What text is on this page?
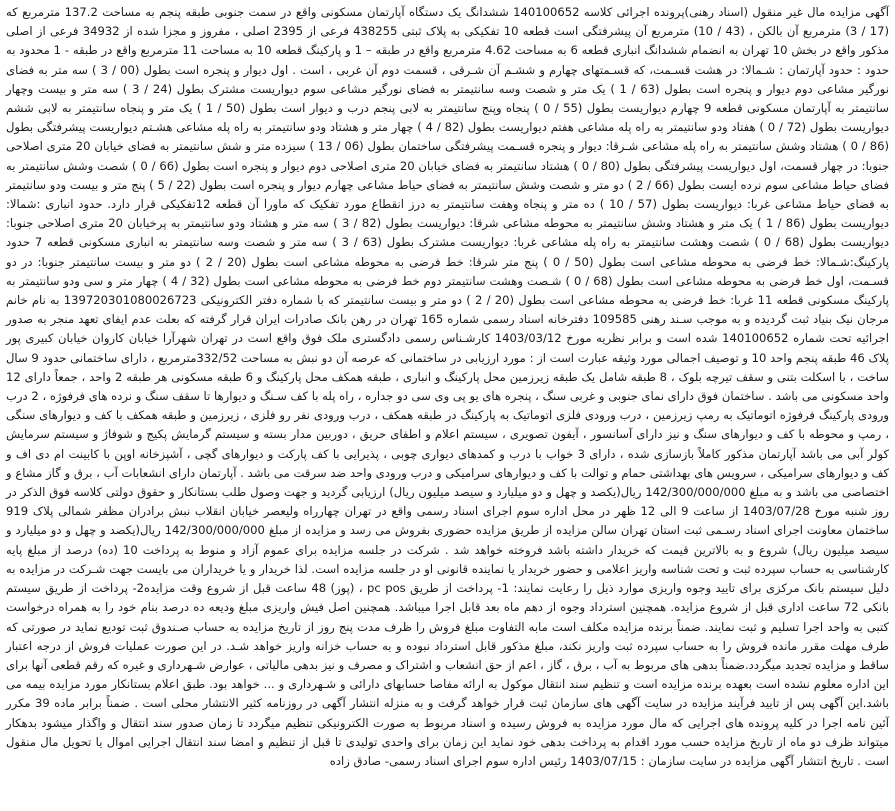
آگهی مزایده مال غیر منقول (اسناد رهنی)پرونده اجرائی کلاسه 140100652 ششدانگ یک دستگاه آپارتمان مسکونی واقع در سمت جنوبی طبقه پنجم به مساحت 137.2 مترمربع که (17 / 3) مترمربع آن بالکن ، (43 / 10) مترمربع آن پیشرفتگی است قطعه 10 تفکیکی به پلاک ثبتی 438255 فرعی از 2395 اصلی ، مفروز و مجزا شده از 34932 فرعی از اصلی مذکور واقع در بخش 10 تهران به انضمام ششدانگ انباری قطعه 6 به مساحت 4.62 مترمربع واقع در طبقه – 1 و پارکینگ قطعه 10 به مساحت 11 مترمربع واقع در طبقه - 1 محدود به حدود : حدود آپارتمان : شـمالا: در هشت قسـمت، که قسـمتهای چهارم و ششـم آن شـرقی ، قسمت دوم آن غربی ، است . اول دیوار و پنجره است بطول (00 / 3 ) سه متر به فضای نورگیر مشاعی دوم دیوار و پنجره است بطول (63 / 1 ) یک متر و شصت وسه سانتیمتر به فضای نورگیر مشاعی سوم دیواریست مشترک بطول (24 / 3 ) سه متر و بیست وچهار سانتیمتر به آپارتمان مسکونی قطعه 9 چهارم دیواریست بطول (55 / 0 ) پنجاه وپنج سانتیمتر به لابی پنجم درب و دیوار است بطول (50 / 1 ) یک متر و پنجاه سانتیمتر به لابی ششم دیواریست بطول (72 / 0 ) هفتاد ودو سانتیمتر به راه پله مشاعی هفتم دیواریست بطول (82 / 4 ) چهار متر و هشتاد ودو سانتیمتر به راه پله مشاعی هشـتم دیواریست پیشرفتگی بطول (86 / 0 ) هشتاد وشش سانتیمتر به راه پله مشاعی شـرقا: دیوار و پنجره قسـمت پیشرفتگی ساختمان بطول (06 / 13 ) سیزده متر و شش سانتیمتر به فضای خیابان 20 متری اصلاحی جنوبا: در چهار قسمت، اول دیواریست پیشرفتگی بطول (80 / 0 ) هشتاد سانتیمتر به فضای خیابان 20 متری اصلاحی دوم دیوار و پنجره است بطول (66 / 0 ) شصت وشش سانتیمتر به فضای حیاط مشاعی سوم نرده ایست بطول (66 / 2 ) دو متر و شصت وشش سانتیمتر به فضای حیاط مشاعی چهارم دیوار و پنجره است بطول (22 / 5 ) پنج متر و بیست ودو سانتیمتر به فضای حیاط مشاعی غربا: دیواریست بطول (57 / 10 ) ده متر و پنجاه وهفت سانتیمتر به درز انقطاع مورد تفکیک که ماورا آن قطعه 12تفکیکی قرار دارد. حدود انباری :شمالا: دیواریست بطول (86 / 1 ) یک متر و هشتاد وشش سانتیمتر به محوطه مشاعی شرقا: دیواریست بطول (82 / 3 ) سه متر و هشتاد ودو سانتیمتر به پرخیابان 20 متری اصلاحی جنوبا: دیواریست بطول (68 / 0 ) شصت وهشت سانتیمتر به راه پله مشاعی غربا: دیواریست مشترک بطول (63 / 3 ) سه متر و شصت وسه سانتیمتر به انباری مسکونی قطعه 7 حدود پارکینگ:شـمالا: خط فرضی به محوطه مشاعی است بطول (50 / 0 ) پنج متر شرقا: خط فرضی به محوطه مشاعی است بطول (20 / 2 ) دو متر و بیست سانتیمتر جنوبا: در دو قسـمت، اول خط فرضی به محوطه مشاعی است بطول (68 / 0 ) شـصت وهشت سانتیمتر دوم خط فرضی به محوطه مشاعی است بطول (32 / 4 ) چهار متر و سی ودو سانتیمتر به پارکینگ مسکونی قطعه 11 غربا: خط فرضی به محوطه مشاعی است بطول (20 / 2 ) دو متر و بیست سانتیمتر که با شماره دفتر الکترونیکی 139720301080026723 به نام خانم مرجان نیک بنیاد ثبت گردیده و به موجب سـند رهنی 109585 دفترخانه اسناد رسمی شماره 165 تهران در رهن بانک صادرات ایران قرار گرفته که بعلت عدم ایفای تعهد منجر به صدور اجرائیه تحت شماره 140100652 شده است و برابر نظریه مورخ 1403/03/12 کارشـناس رسمی دادگستری ملک فوق واقع است در تهران شهرآرا خیابان کاروان خیابان کبیری پور پلاک 46 طبقه پنجم واحد 10 و توصیف اجمالی مورد وثیقه عبارت است از : مورد ارزیابی در ساختمانی که عرصه آن دو نبش به مساحت 332/52مترمربع ، دارای ساختمانی حدود 9 سال ساخت ، با اسکلت بتنی و سقف تیرچه بلوک ، 8 طبقه شامل یک طبقه زیرزمین محل پارکینگ و انباری ، طبقه همکف محل پارکینگ و 6 طبقه مسکونی هر طبقه 2 واحد ، جمعاً دارای 12 واحد مسکونی می باشد . ساختمان فوق دارای نمای جنوبی و غربی سنگ ، پنجره های یو پی وی سی دو جداره ، راه پله با کف سـنگ و دیوارها تا سقف سنگ و نرده های فرفوژه ، 2 درب ورودی پارکینگ فرفوژه اتوماتیک به رمپ زیرزمین ، درب ورودی فلزی اتوماتیک به پارکینگ در طبقه همکف ، درب ورودی نفر رو فلزی ، زیرزمین و طبقه همکف با کف و دیوارهای سنگی ، رمپ و محوطه با کف و دیوارهای سنگ و نیز دارای آسانسور ، آیفون تصویری ، سیستم اعلام و اطفای حریق ، دوربین مدار بسته و سیستم گرمایش پکیج و شوفاژ و سیستم سرمایش کولر آبی می باشد آپارتمان مذکور کاملاً بازسازی شده ، دارای 3 خواب با درب و کمدهای دیواری چوبی ، پذیرایی با کف پارکت و دیوارهای گچی ، آشپزخانه اوپن با کابینت ام دی اف و کف و دیوارهای سرامیکی ، سرویس های بهداشتی حمام و توالت با کف و دیوارهای سرامیکی و درب ورودی واحد ضد سرقت می باشد . آپارتمان دارای انشعابات آب ، برق و گاز مشاع و اختصاصی می باشد و به مبلغ 142/300/000/000 ریال(یکصد و چهل و دو میلیارد و سیصد میلیون ریال) ارزیابی گردید و جهت وصول طلب بستانکار و حقوق دولتی کلاسه فوق الذکر در روز شنبه مورخ 1403/07/28 از ساعت 9 الی 12 ظهر در محل اداره سوم اجرای اسناد رسمی واقع در تهران چهارراه ولیعصر خیابان انقلاب نبش برادران مظفر شمالی پلاک 919 ساختمان معاونت اجرای اسناد رسـمی ثبت استان تهران سالن مزایده از طریق مزایده حضوری بفروش می رسد و مزایده از مبلغ 142/300/000/000 ریال(یکصد و چهل و دو میلیارد و سیصد میلیون ریال) شروع و به بالاترین قیمت که خریدار داشته باشد فروخته خواهد شد . شرکت در جلسه مزایده برای عموم آزاد و منوط به پرداخت 10 (ده) درصد از مبلغ پایه کارشناسی به حساب سپرده ثبت و تحت شناسه واریز اعلامی و حضور خریدار یا نماینده قانونی او در جلسه مزایده است. لذا خریدار و یا خریداران می بایست جهت شـرکت در مزایده به دلیل سیستم بانک مرکزی برای تایید وجوه واریزی موارد ذیل را رعایت نمایند: 1- پرداخت از طریق pc pos ، (پوز) 48 ساعت قبل از شروع وقت مزایده2- پرداخت از طریق سیستم بانکی 72 ساعت اداری قبل از شروع مزایده. همچنین استرداد وجوه از دهم ماه بعد قابل اجرا میباشد. همچنین اصل فیش واریزی مبلغ ودیعه ده درصد بنام خود را به همراه درخواست کتبی به واحد اجرا تسلیم و ثبت نمایند. ضمناً برنده مزایده مکلف است مابه التفاوت مبلغ فروش را ظرف مدت پنج روز از تاریخ مزایده به حساب صـندوق ثبت تودیع نماید در صورتی که طرف مهلت مقرر مانده فروش را به حساب سپرده ثبت واریز نکند، مبلغ مذکور قابل استرداد نبوده و به حساب خزانه واریز خواهد شـد. در این صورت عملیات فروش از درجه اعتبار ساقط و مزایده تجدید میگردد.ضمناً بدهی های مربوط به آب ، برق ، گاز ، اعم از حق انشعاب و اشتراک و مصرف و نیز بدهی مالیاتی ، عوارض شـهرداری و غیره که رقم قطعی آنها برای این اداره معلوم نشده است بعهده برنده مزایده است و تنظیم سند انتقال موکول به ارائه مفاصا حسابهای دارائی و شـهرداری و ... خواهد بود. طبق اعلام بستانکار مورد مزایده بیمه می باشد.این آگهی پس از تایید فرآیند مزایده در سایت آگهی های سازمان ثبت قرار خواهد گرفت و به منزله انتشار آگهی در روزنامه کثیر الانتشار محلی است . ضمناً برابر ماده 39 مکرر آئین نامه اجرا در کلیه پرونده های اجرایی که مال مورد مزایده به فروش رسیده و اسناد مربوط به صورت الکترونیکی تنظیم میگردد تا زمان صدور سند انتقال و واگذار میشود بدهکار میتواند ظرف دو ماه از تاریخ مزایده حسب مورد اقدام به پرداخت بدهی خود نماید این زمان برای واحدی تولیدی تا قبل از تنظیم و امضا سند انتقال اجرایی اموال یا تحویل مال منقول است . تاریخ انتشار آگهی مزایده در سایت سازمان : 1403/07/15 رئیس اداره سوم اجرای اسناد رسمی- صادق زاده
